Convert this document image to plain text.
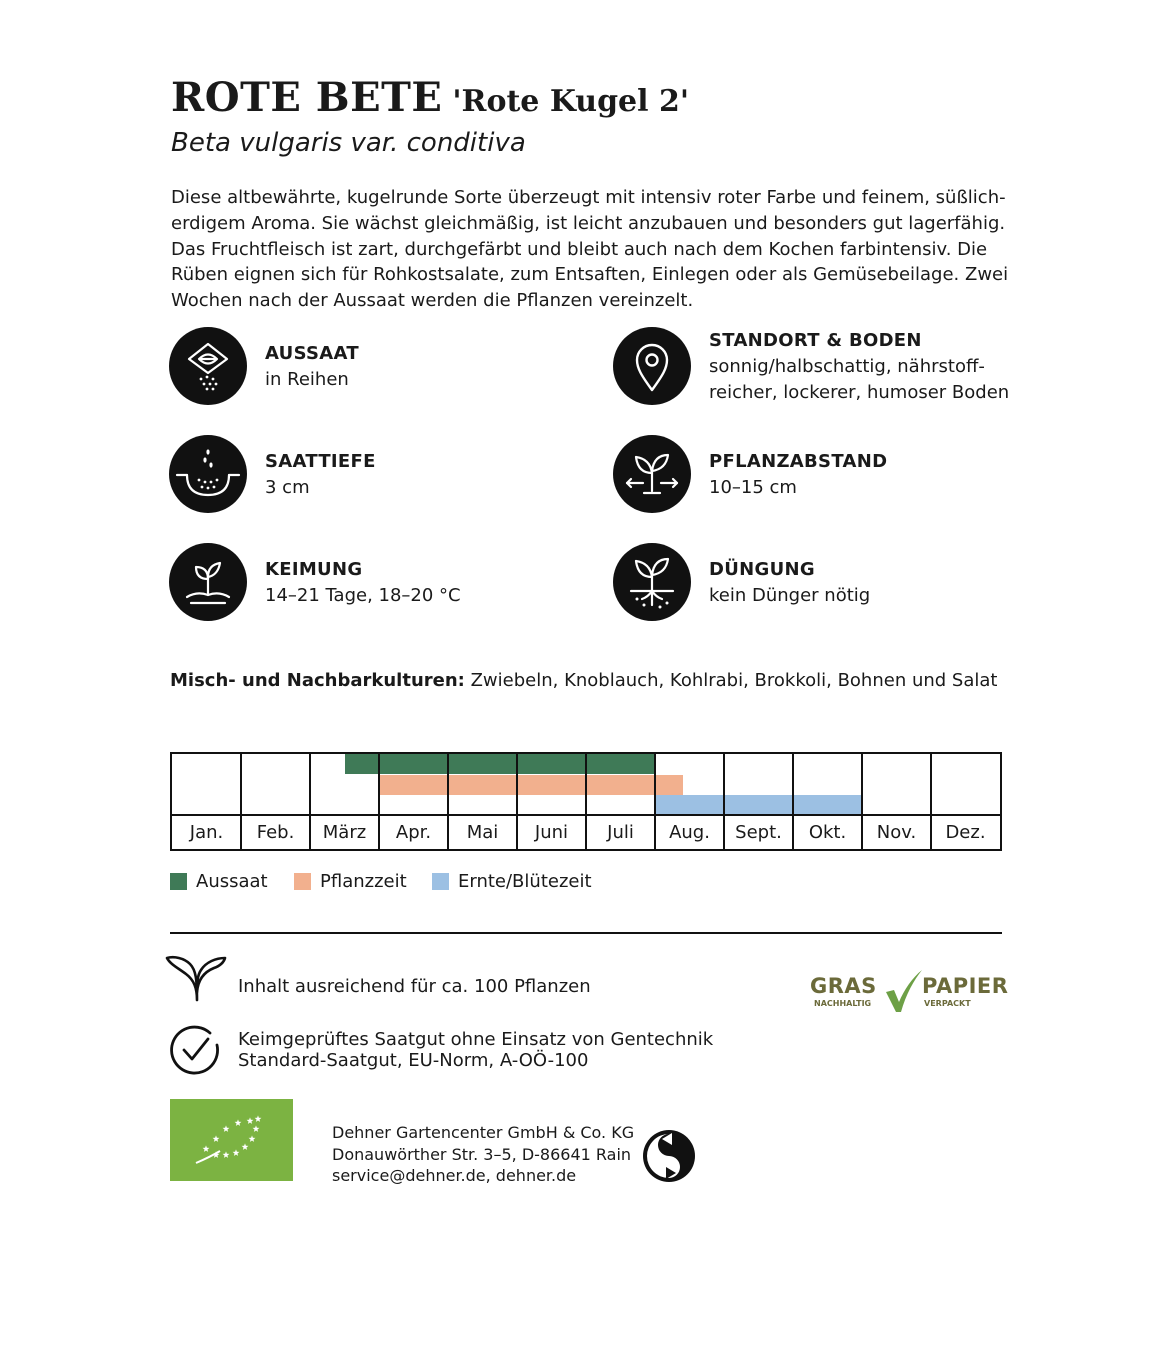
ROTE BETE 'Rote Kugel 2'
Beta vulgaris var. conditiva
Diese altbewährte, kugelrunde Sorte überzeugt mit intensiv roter Farbe und feinem, süßlich-
erdigem Aroma. Sie wächst gleichmäßig, ist leicht anzubauen und besonders gut lagerfähig.
Das Fruchtfleisch ist zart, durchgefärbt und bleibt auch nach dem Kochen farbintensiv. Die
Rüben eignen sich für Rohkostsalate, zum Entsaften, Einlegen oder als Gemüsebeilage. Zwei
Wochen nach der Aussaat werden die Pflanzen vereinzelt.
AUSSAAT
in Reihen
SAATTIEFE
3 cm
KEIMUNG
14–21 Tage, 18–20 °C
STANDORT & BODEN
sonnig/halbschattig, nährstoff-
reicher, lockerer, humoser Boden
PFLANZABSTAND
10–15 cm
DÜNGUNG
kein Dünger nötig
Misch- und Nachbarkulturen: Zwiebeln, Knoblauch, Kohlrabi, Brokkoli, Bohnen und Salat
Jan.	Feb.	März	Apr.	Mai	Juni	Juli	Aug.	Sept.	Okt.	Nov.	Dez.
Aussaat	Pflanzzeit	Ernte/Blütezeit
Inhalt ausreichend für ca. 100 Pflanzen
Keimgeprüftes Saatgut ohne Einsatz von Gentechnik
Standard-Saatgut, EU-Norm, A-OÖ-100
GRAS PAPIER
NACHHALTIG	VERPACKT
Dehner Gartencenter GmbH & Co. KG
Donauwörther Str. 3–5, D-86641 Rain
service@dehner.de, dehner.de
